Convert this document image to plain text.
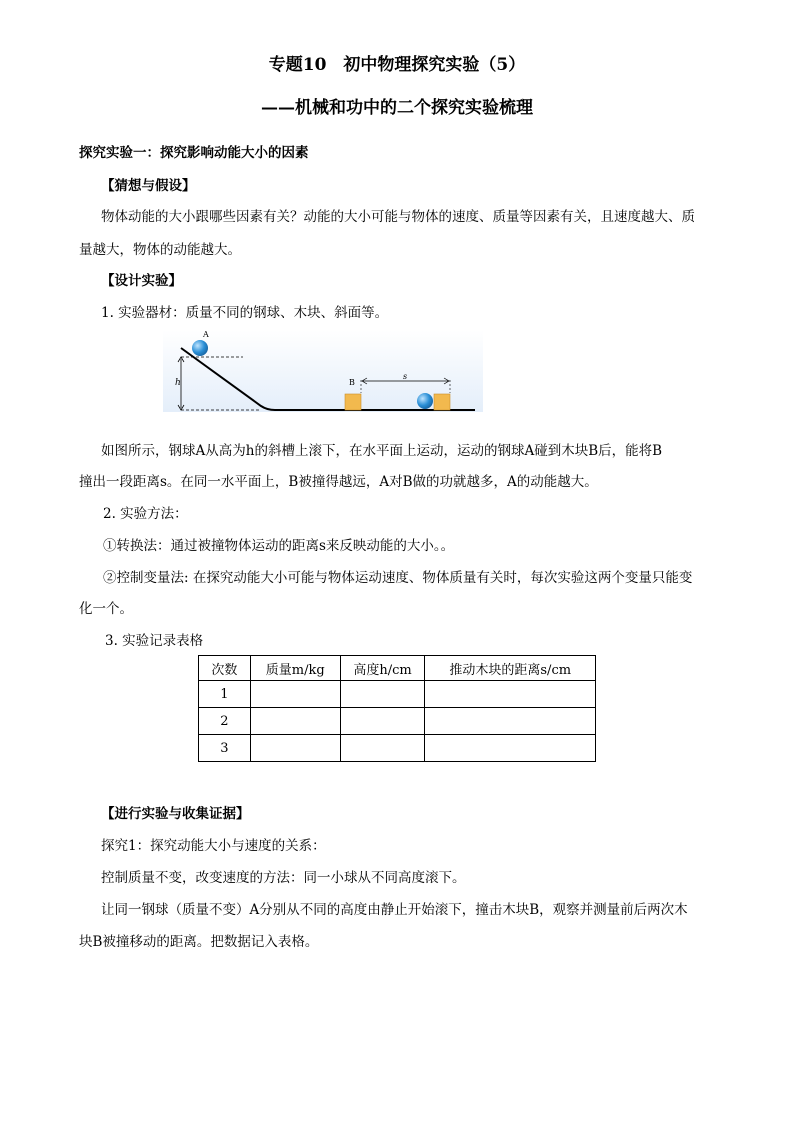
专题10　初中物理探究实验（5）
——机械和功中的二个探究实验梳理
探究实验一：探究影响动能大小的因素
【猜想与假设】
物体动能的大小跟哪些因素有关？动能的大小可能与物体的速度、质量等因素有关，且速度越大、质
量越大，物体的动能越大。
【设计实验】
1. 实验器材：质量不同的钢球、木块、斜面等。
h
A
B
s
如图所示，钢球A从高为h的斜槽上滚下，在水平面上运动，运动的钢球A碰到木块B后，能将B
撞出一段距离s。在同一水平面上，B被撞得越远，A对B做的功就越多，A的动能越大。
2. 实验方法：
①转换法：通过被撞物体运动的距离s来反映动能的大小。。
②控制变量法: 在探究动能大小可能与物体运动速度、物体质量有关时，每次实验这两个变量只能变
化一个。
3. 实验记录表格
次数	质量m/kg	高度h/cm	推动木块的距离s/cm
1			
2			
3			
【进行实验与收集证据】
探究1：探究动能大小与速度的关系：
控制质量不变，改变速度的方法：同一小球从不同高度滚下。
让同一钢球（质量不变）A分别从不同的高度由静止开始滚下，撞击木块B，观察并测量前后两次木
块B被撞移动的距离。把数据记入表格。
